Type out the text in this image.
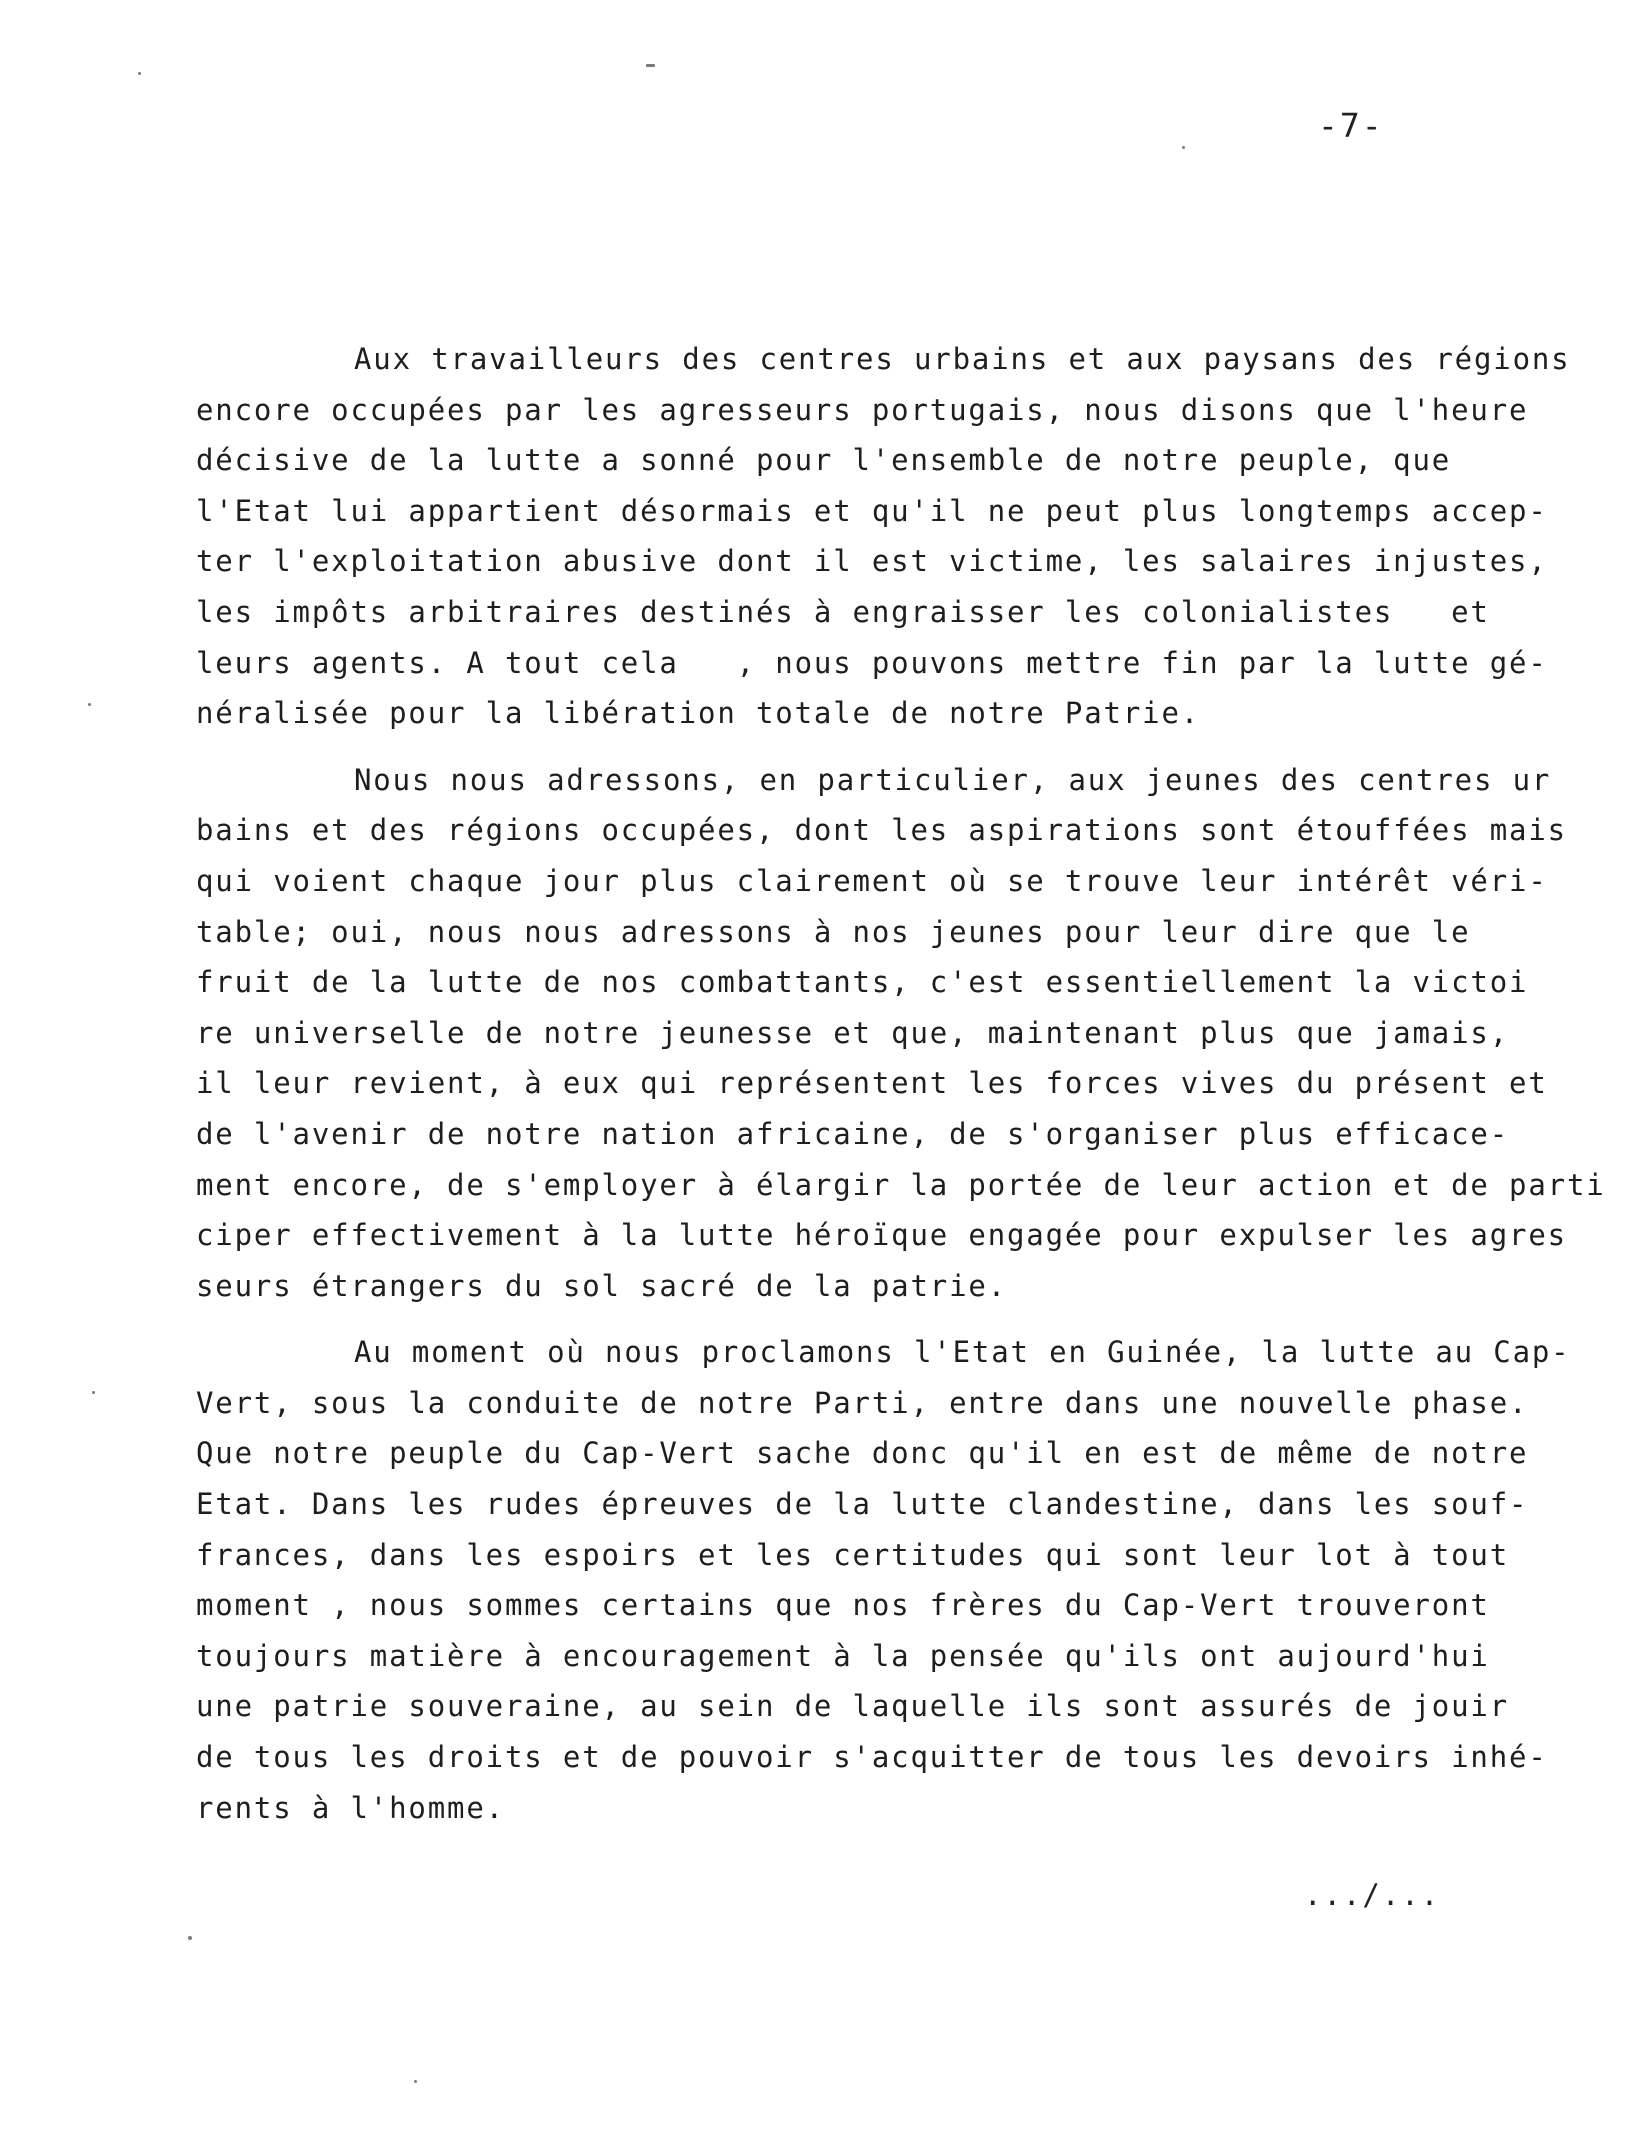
-7-
Aux travailleurs des centres urbains et aux paysans des régions
encore occupées par les agresseurs portugais, nous disons que l'heure
décisive de la lutte a sonné pour l'ensemble de notre peuple, que
l'Etat lui appartient désormais et qu'il ne peut plus longtemps accep-
ter l'exploitation abusive dont il est victime, les salaires injustes,
les impôts arbitraires destinés à engraisser les colonialistes   et
leurs agents. A tout cela   , nous pouvons mettre fin par la lutte gé-
néralisée pour la libération totale de notre Patrie.
Nous nous adressons, en particulier, aux jeunes des centres ur
bains et des régions occupées, dont les aspirations sont étouffées mais
qui voient chaque jour plus clairement où se trouve leur intérêt véri-
table; oui, nous nous adressons à nos jeunes pour leur dire que le
fruit de la lutte de nos combattants, c'est essentiellement la victoi
re universelle de notre jeunesse et que, maintenant plus que jamais,
il leur revient, à eux qui représentent les forces vives du présent et
de l'avenir de notre nation africaine, de s'organiser plus efficace-
ment encore, de s'employer à élargir la portée de leur action et de parti
ciper effectivement à la lutte héroïque engagée pour expulser les agres
seurs étrangers du sol sacré de la patrie.
Au moment où nous proclamons l'Etat en Guinée, la lutte au Cap-
Vert, sous la conduite de notre Parti, entre dans une nouvelle phase.
Que notre peuple du Cap-Vert sache donc qu'il en est de même de notre
Etat. Dans les rudes épreuves de la lutte clandestine, dans les souf-
frances, dans les espoirs et les certitudes qui sont leur lot à tout
moment , nous sommes certains que nos frères du Cap-Vert trouveront
toujours matière à encouragement à la pensée qu'ils ont aujourd'hui
une patrie souveraine, au sein de laquelle ils sont assurés de jouir
de tous les droits et de pouvoir s'acquitter de tous les devoirs inhé-
rents à l'homme.
.../...
